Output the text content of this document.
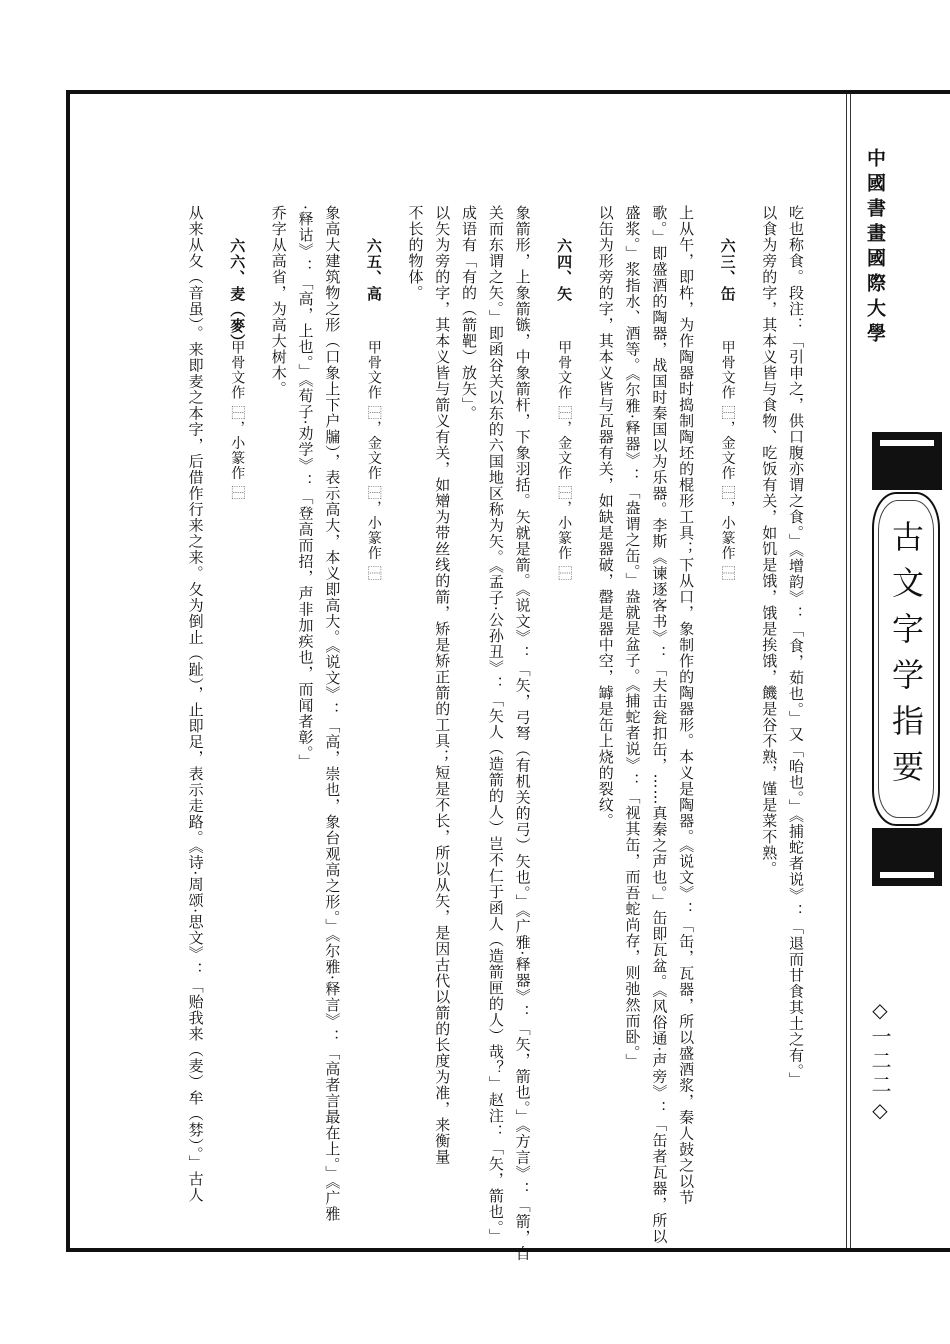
中國書畫國際大學
古文字学指要
◇一二二◇
吃也称食。段注：「引申之，供口腹亦谓之食。」《增韵》：「食，茹也。」又「咍也。」《捕蛇者说》：「退而甘食其土之有。」
以食为旁的字，其本义皆与食物、吃饭有关，如饥是饿，饿是挨饿，饑是谷不熟，馑是菜不熟。
六三、缶
甲骨文作 ⿱，金文作 ⿱，小篆作 ⿱
上从午，即杵，为作陶器时捣制陶坯的棍形工具；下从口，象制作的陶器形。本义是陶器。《说文》：「缶，瓦器，所以盛酒浆，秦人鼓之以节
歌。」即盛酒的陶器，战国时秦国以为乐器。李斯《谏逐客书》：「夫击瓮扣缶，……真秦之声也。」缶即瓦盆。《风俗通·声旁》：「缶者瓦器，所以
盛浆。」浆指水、酒等。《尔雅·释器》：「盎谓之缶。」盎就是盆子。《捕蛇者说》：「视其缶，而吾蛇尚存，则弛然而卧。」
以缶为形旁的字，其本义皆与瓦器有关，如缺是器破，罄是器中空，罅是缶上烧的裂纹。
六四、矢
甲骨文作 ⿱，金文作 ⿱，小篆作 ⿱
象箭形，上象箭镞，中象箭杆，下象羽括。矢就是箭。《说文》：「矢，弓弩（有机关的弓）矢也。」《广雅·释器》：「矢，箭也。」《方言》：「箭，自
关而东谓之矢。」即函谷关以东的六国地区称为矢。《孟子·公孙丑》：「矢人（造箭的人）岂不仁于函人（造箭匣的人）哉？」赵注：「矢，箭也。」
成语有「有的（箭靶）放矢」。
以矢为旁的字，其本义皆与箭义有关，如矰为带丝线的箭，矫是矫正箭的工具；短是不长，所以从矢，是因古代以箭的长度为准，来衡量
不长的物体。
六五、高
甲骨文作 ⿱，金文作 ⿱，小篆作 ⿱
象高大建筑物之形（口象上下户牖），表示高大，本义即高大。《说文》：「高，崇也，象台观高之形。」《尔雅·释言》：「高者言最在上。」《广雅
·释诂》：「高，上也。」《荀子·劝学》：「登高而招，声非加疾也，而闻者彰。」
乔字从高省，为高大树木。
六六、麦（麥）
甲骨文作 ⿱，小篆作 ⿱
从来从夂（音虽）。来即麦之本字，后借作行来之来。夂为倒止（趾），止即足，表示走路。《诗·周颂·思文》：「贻我来（麦）牟（棼）。」古人
